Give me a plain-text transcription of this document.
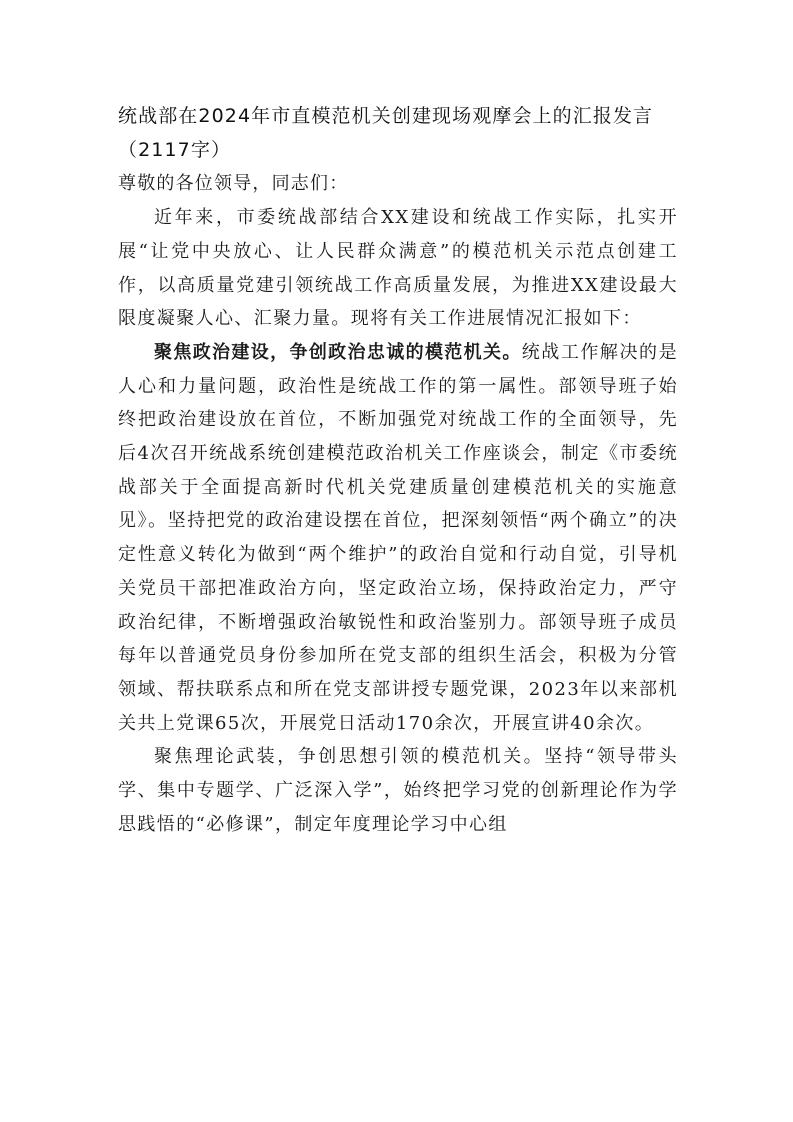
统战部在2024年市直模范机关创建现场观摩会上的汇报发言（2117字）

尊敬的各位领导，同志们：

近年来，市委统战部结合XX建设和统战工作实际，扎实开展“让党中央放心、让人民群众满意”的模范机关示范点创建工作，以高质量党建引领统战工作高质量发展，为推进XX建设最大限度凝聚人心、汇聚力量。现将有关工作进展情况汇报如下：

聚焦政治建设，争创政治忠诚的模范机关。统战工作解决的是人心和力量问题，政治性是统战工作的第一属性。部领导班子始终把政治建设放在首位，不断加强党对统战工作的全面领导，先后4次召开统战系统创建模范政治机关工作座谈会，制定《市委统战部关于全面提高新时代机关党建质量创建模范机关的实施意见》。坚持把党的政治建设摆在首位，把深刻领悟“两个确立”的决定性意义转化为做到“两个维护”的政治自觉和行动自觉，引导机关党员干部把准政治方向，坚定政治立场，保持政治定力，严守政治纪律，不断增强政治敏锐性和政治鉴别力。部领导班子成员每年以普通党员身份参加所在党支部的组织生活会，积极为分管领域、帮扶联系点和所在党支部讲授专题党课，2023年以来部机关共上党课65次，开展党日活动170余次，开展宣讲40余次。

聚焦理论武装，争创思想引领的模范机关。坚持“领导带头学、集中专题学、广泛深入学”，始终把学习党的创新理论作为学思践悟的“必修课”，制定年度理论学习中心组
